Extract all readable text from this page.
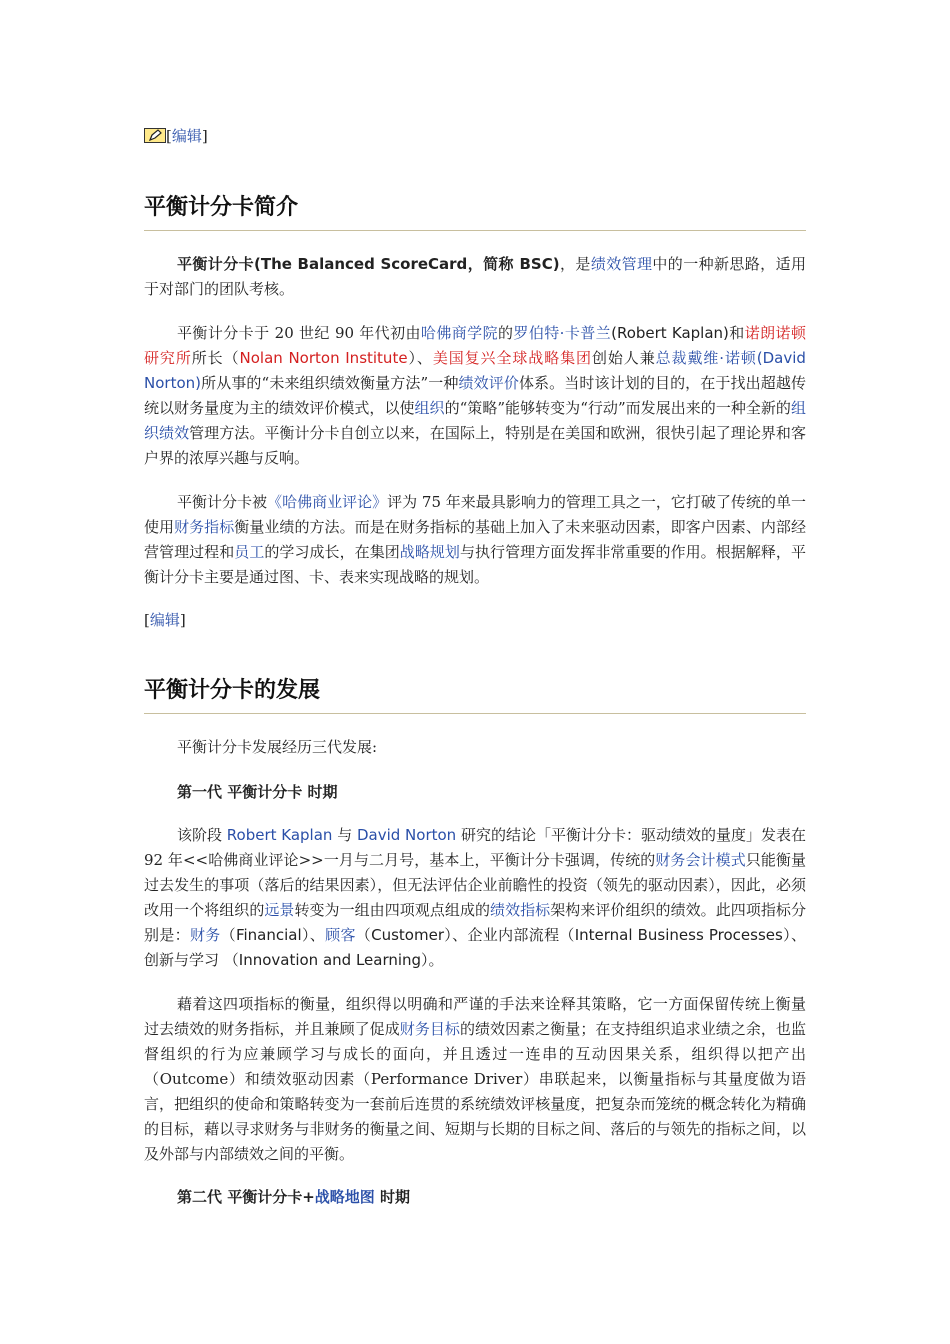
[编辑]
平衡计分卡简介

平衡计分卡(The Balanced ScoreCard，简称 BSC)，是绩效管理中的一种新思路，适用于对部门的团队考核。

平衡计分卡于 20 世纪 90 年代初由哈佛商学院的罗伯特·卡普兰(Robert Kaplan)和诺朗诺顿研究所所长（Nolan Norton Institute）、美国复兴全球战略集团创始人兼总裁戴维·诺顿(David Norton)所从事的“未来组织绩效衡量方法”一种绩效评价体系。当时该计划的目的，在于找出超越传统以财务量度为主的绩效评价模式，以使组织的“策略”能够转变为“行动”而发展出来的一种全新的组织绩效管理方法。平衡计分卡自创立以来，在国际上，特别是在美国和欧洲，很快引起了理论界和客户界的浓厚兴趣与反响。

平衡计分卡被《哈佛商业评论》评为 75 年来最具影响力的管理工具之一，它打破了传统的单一使用财务指标衡量业绩的方法。而是在财务指标的基础上加入了未来驱动因素，即客户因素、内部经营管理过程和员工的学习成长，在集团战略规划与执行管理方面发挥非常重要的作用。根据解释，平衡计分卡主要是通过图、卡、表来实现战略的规划。

[编辑]
平衡计分卡的发展

平衡计分卡发展经历三代发展:

第一代 平衡计分卡 时期

该阶段 Robert Kaplan 与 David Norton 研究的结论「平衡计分卡：驱动绩效的量度」发表在 92 年<<哈佛商业评论>>一月与二月号，基本上，平衡计分卡强调，传统的财务会计模式只能衡量过去发生的事项（落后的结果因素），但无法评估企业前瞻性的投资（领先的驱动因素），因此，必须改用一个将组织的远景转变为一组由四项观点组成的绩效指标架构来评价组织的绩效。此四项指标分别是：财务（Financial）、顾客（Customer）、企业内部流程（Internal Business Processes）、创新与学习 （Innovation and Learning）。

藉着这四项指标的衡量，组织得以明确和严谨的手法来诠释其策略，它一方面保留传统上衡量过去绩效的财务指标，并且兼顾了促成财务目标的绩效因素之衡量；在支持组织追求业绩之余，也监督组织的行为应兼顾学习与成长的面向，并且透过一连串的互动因果关系，组织得以把产出（Outcome）和绩效驱动因素（Performance Driver）串联起来，以衡量指标与其量度做为语言，把组织的使命和策略转变为一套前后连贯的系统绩效评核量度，把复杂而笼统的概念转化为精确的目标，藉以寻求财务与非财务的衡量之间、短期与长期的目标之间、落后的与领先的指标之间，以及外部与内部绩效之间的平衡。

第二代 平衡计分卡+战略地图 时期
